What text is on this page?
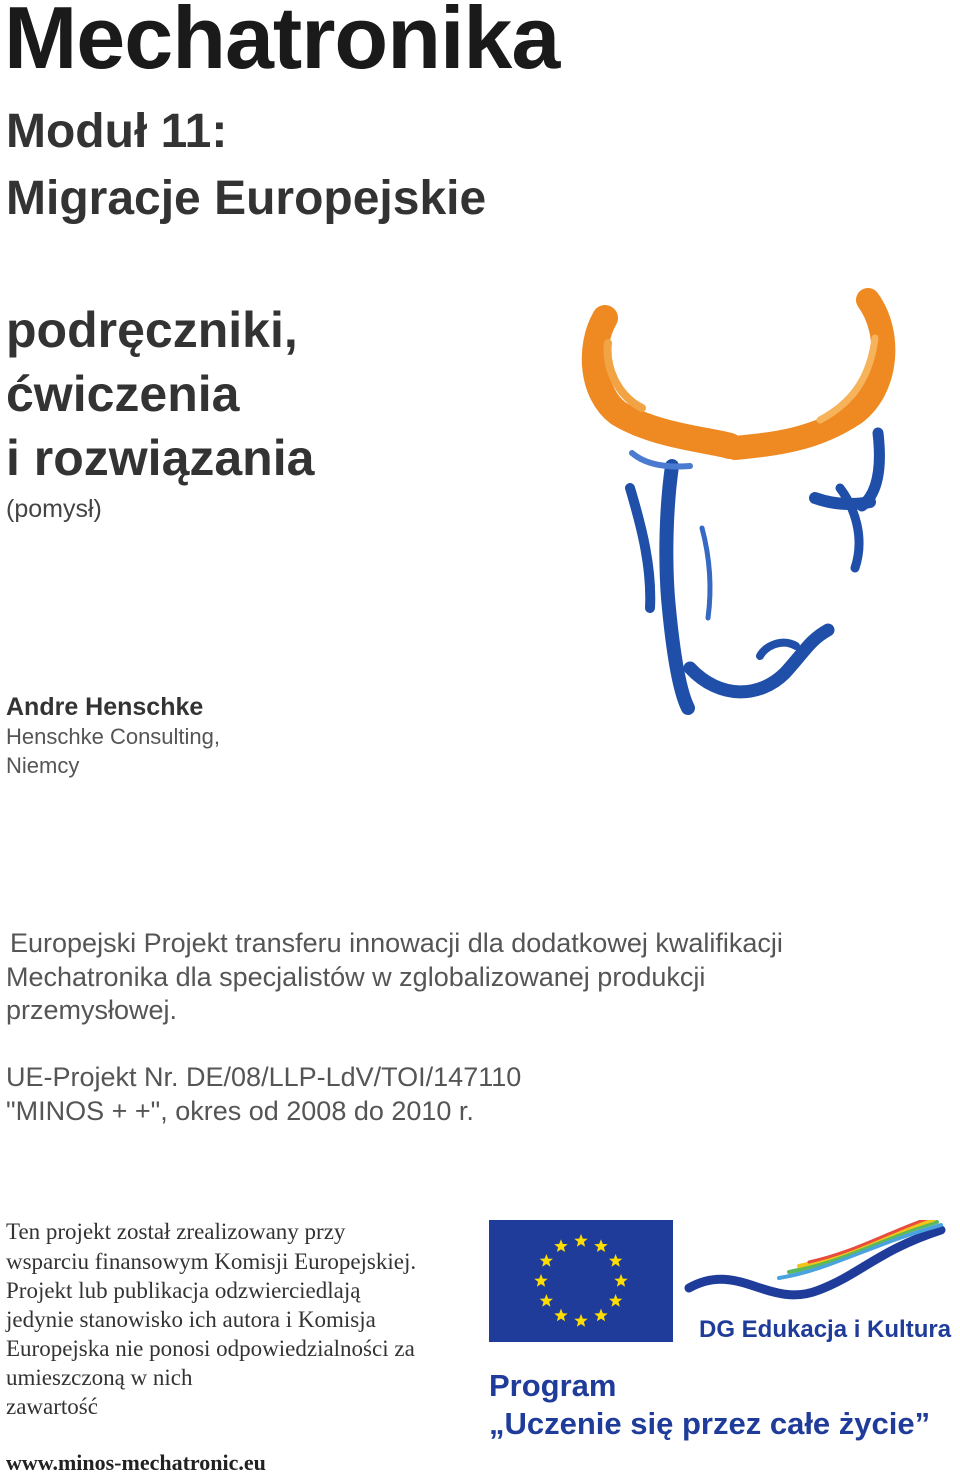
Mechatronika
Moduł 11:
Migracje Europejskie
podręczniki,
ćwiczenia
i rozwiązania
(pomysł)
Andre Henschke
Henschke Consulting,
Niemcy
Europejski Projekt transferu innowacji dla dodatkowej kwalifikacji
Mechatronika dla specjalistów w zglobalizowanej produkcji
przemysłowej.
UE-Projekt Nr. DE/08/LLP-LdV/TOI/147110
"MINOS + +", okres od 2008 do 2010 r.
Ten projekt został zrealizowany przy
wsparciu finansowym Komisji Europejskiej.
Projekt lub publikacja odzwierciedlają
jedynie stanowisko ich autora i Komisja
Europejska nie ponosi odpowiedzialności za
umieszczoną w nich
zawartość
www.minos-mechatronic.eu
DG Edukacja i Kultura
Program
„Uczenie się przez całe życie”
